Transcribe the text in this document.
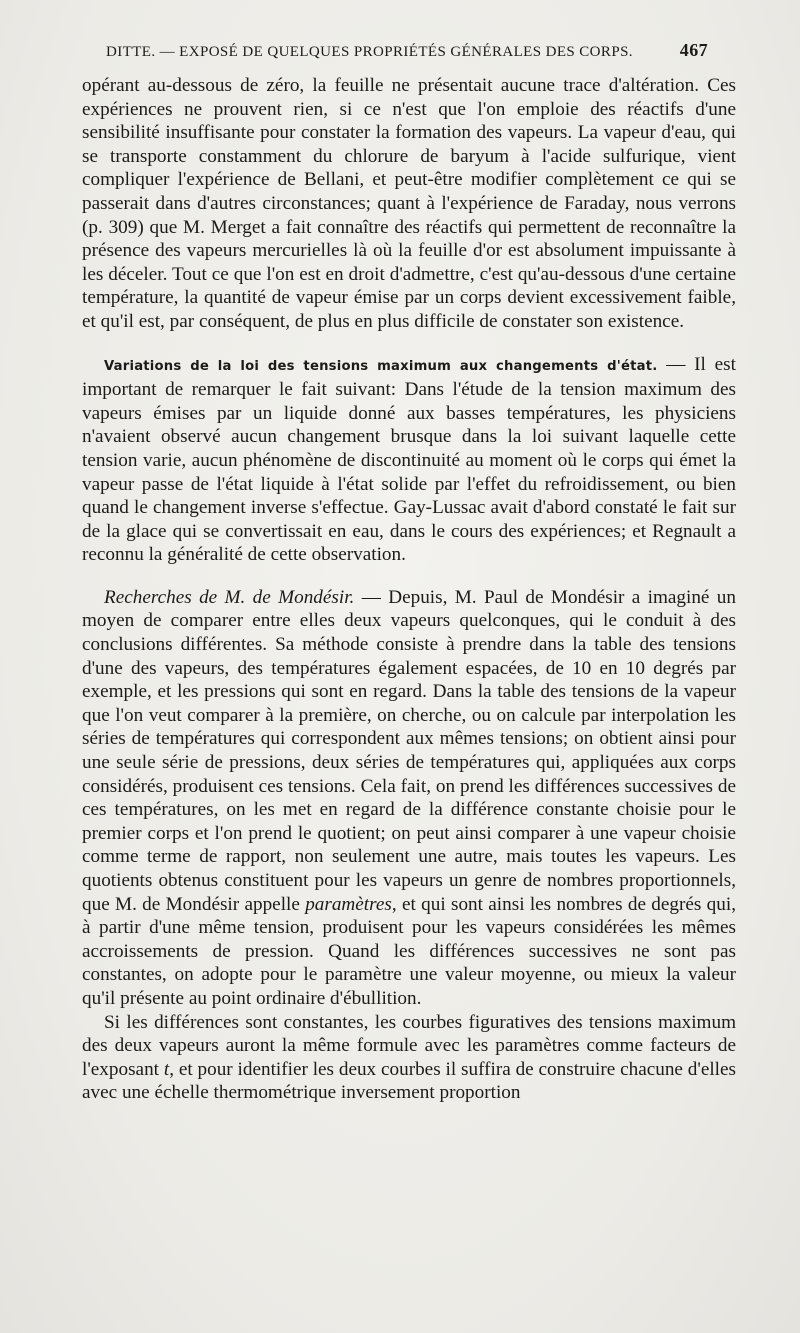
DITTE. — EXPOSÉ DE QUELQUES PROPRIÉTÉS GÉNÉRALES DES CORPS.	467

opérant au-dessous de zéro, la feuille ne présentait aucune trace d'altération. Ces expériences ne prouvent rien, si ce n'est que l'on emploie des réactifs d'une sensibilité insuffisante pour constater la formation des vapeurs. La vapeur d'eau, qui se transporte constamment du chlorure de baryum à l'acide sulfurique, vient compliquer l'expérience de Bellani, et peut-être modifier complètement ce qui se passerait dans d'autres circonstances; quant à l'expérience de Faraday, nous verrons (p. 309) que M. Merget a fait connaître des réactifs qui permettent de reconnaître la présence des vapeurs mercurielles là où la feuille d'or est absolument impuissante à les déceler. Tout ce que l'on est en droit d'admettre, c'est qu'au-dessous d'une certaine température, la quantité de vapeur émise par un corps devient excessivement faible, et qu'il est, par conséquent, de plus en plus difficile de constater son existence.

Variations de la loi des tensions maximum aux changements d'état. — Il est important de remarquer le fait suivant: Dans l'étude de la tension maximum des vapeurs émises par un liquide donné aux basses températures, les physiciens n'avaient observé aucun changement brusque dans la loi suivant laquelle cette tension varie, aucun phénomène de discontinuité au moment où le corps qui émet la vapeur passe de l'état liquide à l'état solide par l'effet du refroidissement, ou bien quand le changement inverse s'effectue. Gay-Lussac avait d'abord constaté le fait sur de la glace qui se convertissait en eau, dans le cours des expériences; et Regnault a reconnu la généralité de cette observation.

Recherches de M. de Mondésir. — Depuis, M. Paul de Mondésir a imaginé un moyen de comparer entre elles deux vapeurs quelconques, qui le conduit à des conclusions différentes. Sa méthode consiste à prendre dans la table des tensions d'une des vapeurs, des températures également espacées, de 10 en 10 degrés par exemple, et les pressions qui sont en regard. Dans la table des tensions de la vapeur que l'on veut comparer à la première, on cherche, ou on calcule par interpolation les séries de températures qui correspondent aux mêmes tensions; on obtient ainsi pour une seule série de pressions, deux séries de températures qui, appliquées aux corps considérés, produisent ces tensions. Cela fait, on prend les différences successives de ces températures, on les met en regard de la différence constante choisie pour le premier corps et l'on prend le quotient; on peut ainsi comparer à une vapeur choisie comme terme de rapport, non seulement une autre, mais toutes les vapeurs. Les quotients obtenus constituent pour les vapeurs un genre de nombres proportionnels, que M. de Mondésir appelle paramètres, et qui sont ainsi les nombres de degrés qui, à partir d'une même tension, produisent pour les vapeurs considérées les mêmes accroissements de pression. Quand les différences successives ne sont pas constantes, on adopte pour le paramètre une valeur moyenne, ou mieux la valeur qu'il présente au point ordinaire d'ébullition.

Si les différences sont constantes, les courbes figuratives des tensions maximum des deux vapeurs auront la même formule avec les paramètres comme facteurs de l'exposant t, et pour identifier les deux courbes il suffira de construire chacune d'elles avec une échelle thermométrique inversement proportion
